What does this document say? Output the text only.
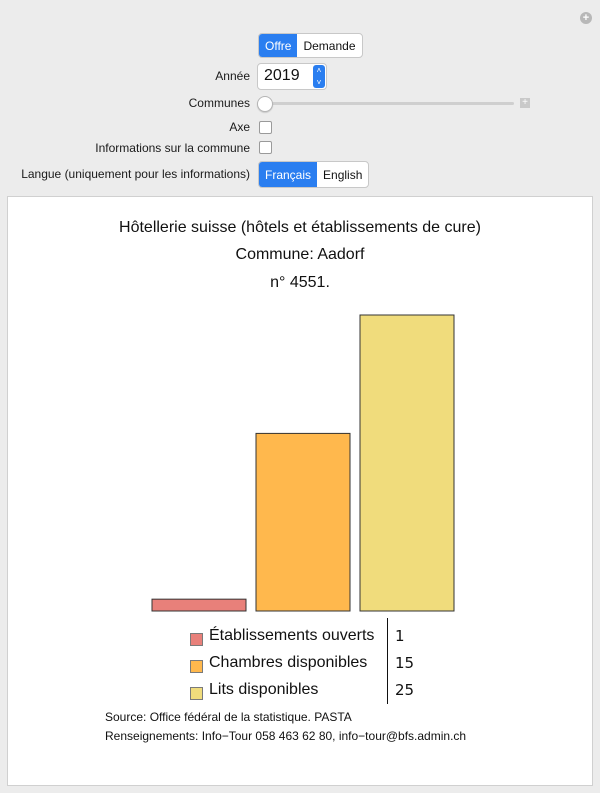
+
Offre	Demande
Année 2019 ˄
˅
Communes	+
Axe
Informations sur la commune
Langue (uniquement pour les informations)	Français	English
Hôtellerie suisse (hôtels et établissements de cure)
Commune: Aadorf
n° 4551.
Établissements ouverts 1
Chambres disponibles 15
Lits disponibles	25
Source: Office fédéral de la statistique. PASTA
Renseignements: Info−Tour 058 463 62 80, info−tour@bfs.admin.ch
